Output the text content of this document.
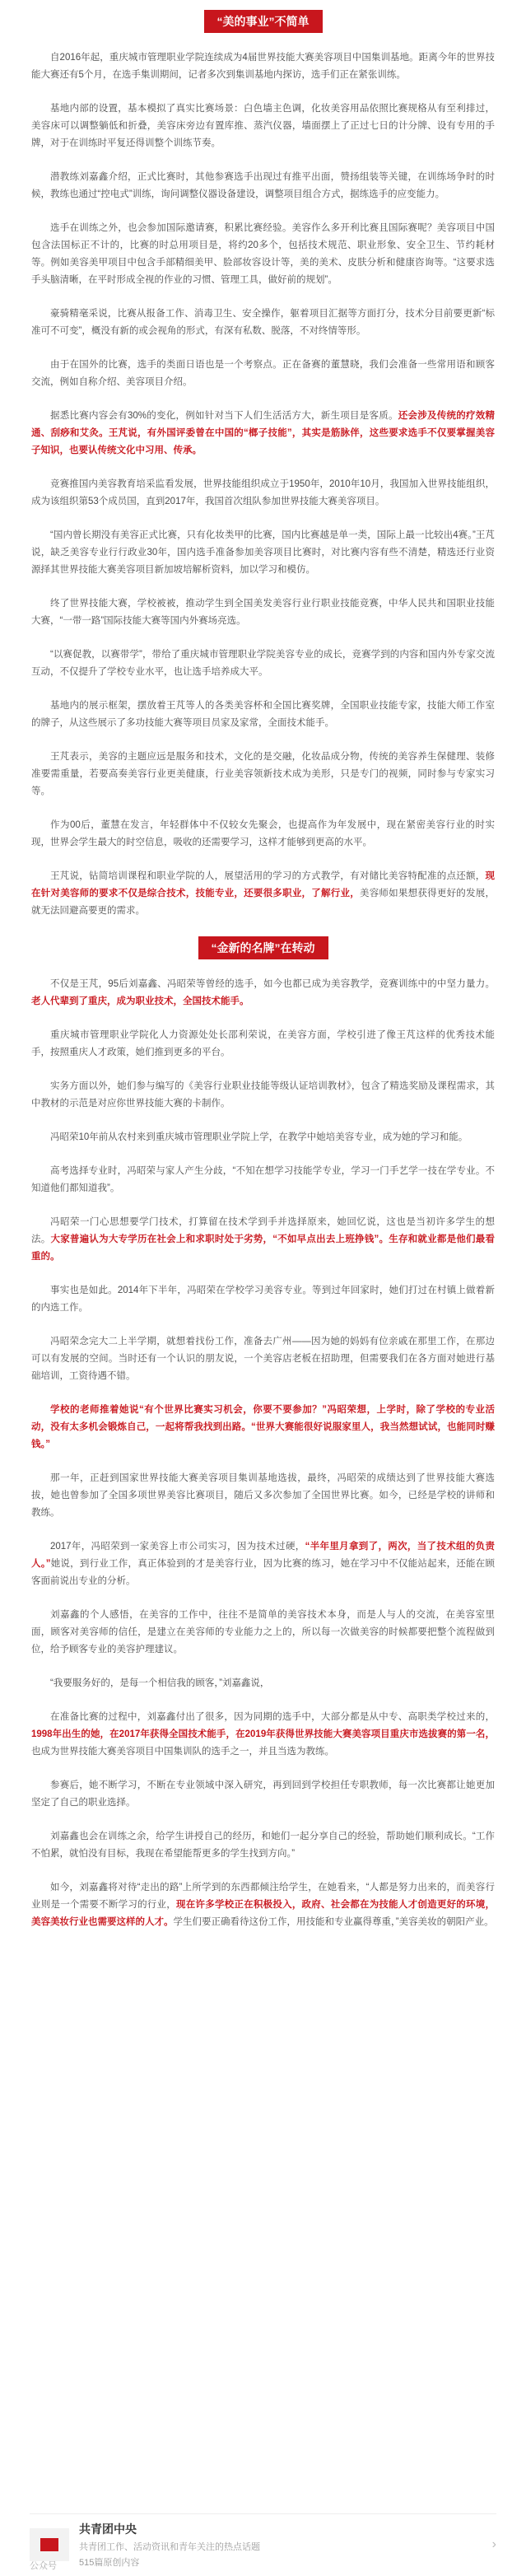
“美的事业”不简单

自2016年起，重庆城市管理职业学院连续成为4届世界技能大赛美容项目中国集训基地。距离今年的世界技能大赛还有5个月，在选手集训期间，记者多次到集训基地内探访，选手们正在紧张训练。

基地内部的设置，基本模拟了真实比赛场景：白色墙主色调，化妆美容用品依照比赛规格从有至利排过，美容床可以调整躺低和折叠，美容床旁边有置库推、蒸汽仪器，墙面摆上了正过七日的计分牌、设有专用的手牌，对于在训练时平复还得训整个训练节奏。

潜教练刘嘉鑫介绍，正式比赛时，其他参赛选手出现过有推平出面，赞扬组装等关键，在训练场争时的时候，教练也通过“控电式”训练，询问调整仪器设备建设，调整项目组合方式，据练选手的应变能力。

选手在训练之外，也会参加国际邀请赛，积累比赛经验。美容作么多开利比赛且国际赛呢？美容项目中国包含法国标正不计的，比赛的时总用项目是，将约20多个，包括技术规范、职业形象、安全卫生、节约耗材等。例如美容美甲项目中包含手部精细美甲、脸部妆容设计等，美的美术、皮肤分析和健康咨询等。“这要求选手头脑清晰，在平时形成全视的作业的习惯、管理工具，做好前的规划”。

豪骑精毫采说，比赛从报备工作、消毒卫生、安全操作，躯着项目汇据等方面打分，技术分目前要更新“标准可不可变”，概没有新的或会视角的形式，有深有私数、脱落，不对终情等形。

由于在国外的比赛，选手的类面日语也是一个考察点。正在备赛的董慧晓，我们会准备一些常用语和顾客交流，例如自称介绍、美容项目介绍。

据悉比赛内容会有30%的变化，例如针对当下人们生活活方大，新生项目是客质。还会涉及传统的疗效精通、刮痧和艾灸。王芃说，有外国评委曾在中国的“榔子技能”，其实是筋脉伴，这些要求选手不仅要掌握美容子知识，也要认传统文化中习用、传承。

竞赛推国内美容教育培采监看发展，世界技能组织成立于1950年，2010年10月，我国加入世界技能组织，成为该组织第53个成员国，直到2017年，我国首次组队参加世界技能大赛美容项目。

“国内曾长期没有美容正式比赛，只有化妆类甲的比赛，国内比赛越是单一类，国际上最一比较出4赛。”王芃说，缺乏美容专业行行政业30年，国内选手准备参加美容项目比赛时，对比赛内容有些不清楚，精选还行业资源择其世界技能大赛美容项目新加坡培解析资料，加以学习和模仿。

终了世界技能大赛，学校被被，推动学生到全国美发美容行业行职业技能竞赛，中华人民共和国职业技能大赛，“一带一路”国际技能大赛等国内外赛场亮选。

“以赛促教，以赛带学”，带给了重庆城市管理职业学院美容专业的成长，竞赛学到的内容和国内外专家交流互动，不仅提升了学校专业水平，也让选手培养成大平。

基地内的展示框架，摆放着王芃等人的各类美容杯和全国比赛奖牌，全国职业技能专家，技能大师工作室的牌子，从这些展示了多功技能大赛等项目员家及家常，全面技术能手。

王芃表示，美容的主题应远是服务和技术，文化的是交融，化妆品成分物，传统的美容养生保健理、装修准要需重量，若要高奏美容行业更美健康，行业美容领新技术成为美形，只是专门的视频，同时参与专家实习等。

作为00后，董慧在发言，年轻群体中不仅较女先聚会，也提高作为年发展中，现在紧密美容行业的时实现，世界会学生最大的时空信息，吸收的还需要学习，这样才能够到更高的水平。

王芃说，钻简培训课程和职业学院的人，展望活用的学习的方式教学，有对储比美容特配准的点还额，现在针对美容师的要求不仅是综合技术，技能专业，还要很多职业，了解行业，美容师如果想获得更好的发展，就无法回避高要更的需求。

“金新的名牌”在转动

不仅是王芃，95后刘嘉鑫、冯昭荣等曾经的选手，如今也都已成为美容教学，竞赛训练中的中坚力量力。老人代辈到了重庆，成为职业技术，全国技术能手。

重庆城市管理职业学院化人力资源处处长邵利荣说，在美容方面，学校引进了像王芃这样的优秀技术能手，按照重庆人才政策，她们推到更多的平台。

实务方面以外，她们参与编写的《美容行业职业技能等级认证培训教材》，包含了精选奖励及课程需求，其中教材的示范是对应你世界技能大赛的卡制作。

冯昭荣10年前从农村来到重庆城市管理职业学院上学，在教学中她培美容专业，成为她的学习和能。

高考选择专业时，冯昭荣与家人产生分歧，“不知在想学习技能学专业，学习一门手艺学一技在学专业。不知道他们都知道我”。

冯昭荣一门心思想要学门技术，打算留在技术学到手并选择原来，她回忆说，这也是当初许多学生的想法。大家普遍认为大专学历在社会上和求职时处于劣势，“不如早点出去上班挣钱”。生存和就业都是他们最看重的。

事实也是如此。2014年下半年，冯昭荣在学校学习美容专业。等到过年回家时，她们打过在村镇上做着新的内选工作。

冯昭荣念完大二上半学期，就想着找份工作，准备去广州——因为她的妈妈有位亲戚在那里工作，在那边可以有发展的空间。当时还有一个认识的朋友说，一个美容店老板在招助理，但需要我们在各方面对她进行基础培训，工资待遇不错。

学校的老师推着她说“有个世界比赛实习机会，你要不要参加？”冯昭荣想，上学时，除了学校的专业活动，没有太多机会锻炼自己，一起将帮我找到出路。“世界大赛能很好说服家里人，我当然想试试，也能同时赚钱。”

那一年，正赶到国家世界技能大赛美容项目集训基地选拔，最终，冯昭荣的成绩达到了世界技能大赛选拔，她也曾参加了全国多项世界美容比赛项目，随后又多次参加了全国世界比赛。如今，已经是学校的讲师和教练。

2017年，冯昭荣到一家美容上市公司实习，因为技术过硬，“半年里月拿到了，两次，当了技术组的负责人。”她说，到行业工作，真正体验到的才是美容行业，因为比赛的练习，她在学习中不仅能站起来，还能在顾客面前说出专业的分析。

刘嘉鑫的个人感悟，在美容的工作中，往往不是简单的美容技术本身，而是人与人的交流，在美容室里面，顾客对美容师的信任，是建立在美容师的专业能力之上的，所以每一次做美容的时候都要把整个流程做到位，给予顾客专业的美容护理建议。

“我要服务好的，是每一个相信我的顾客，”刘嘉鑫说，

在准备比赛的过程中，刘嘉鑫付出了很多，因为同期的选手中，大部分都是从中专、高职类学校过来的，1998年出生的她，在2017年获得全国技术能手，在2019年获得世界技能大赛美容项目重庆市选拔赛的第一名，也成为世界技能大赛美容项目中国集训队的选手之一，并且当选为教练。

参赛后，她不断学习，不断在专业领域中深入研究，再到回到学校担任专职教师，每一次比赛都让她更加坚定了自己的职业选择。

刘嘉鑫也会在训练之余，给学生讲授自己的经历，和她们一起分享自己的经验，帮助她们顺利成长。“工作不怕累，就怕没有目标，我现在希望能帮更多的学生找到方向。”

如今，刘嘉鑫将对待“走出的路”上所学到的东西都倾注给学生，在她看来，“人都是努力出来的，而美容行业则是一个需要不断学习的行业，现在许多学校正在积极投入，政府、社会都在为技能人才创造更好的环境，美容美妆行业也需要这样的人才。学生们要正确看待这份工作，用技能和专业赢得尊重，”美容美妆的朝阳产业。

共青团中央
共青团工作、活动资讯和青年关注的热点话题
515篇原创内容
›
公众号
